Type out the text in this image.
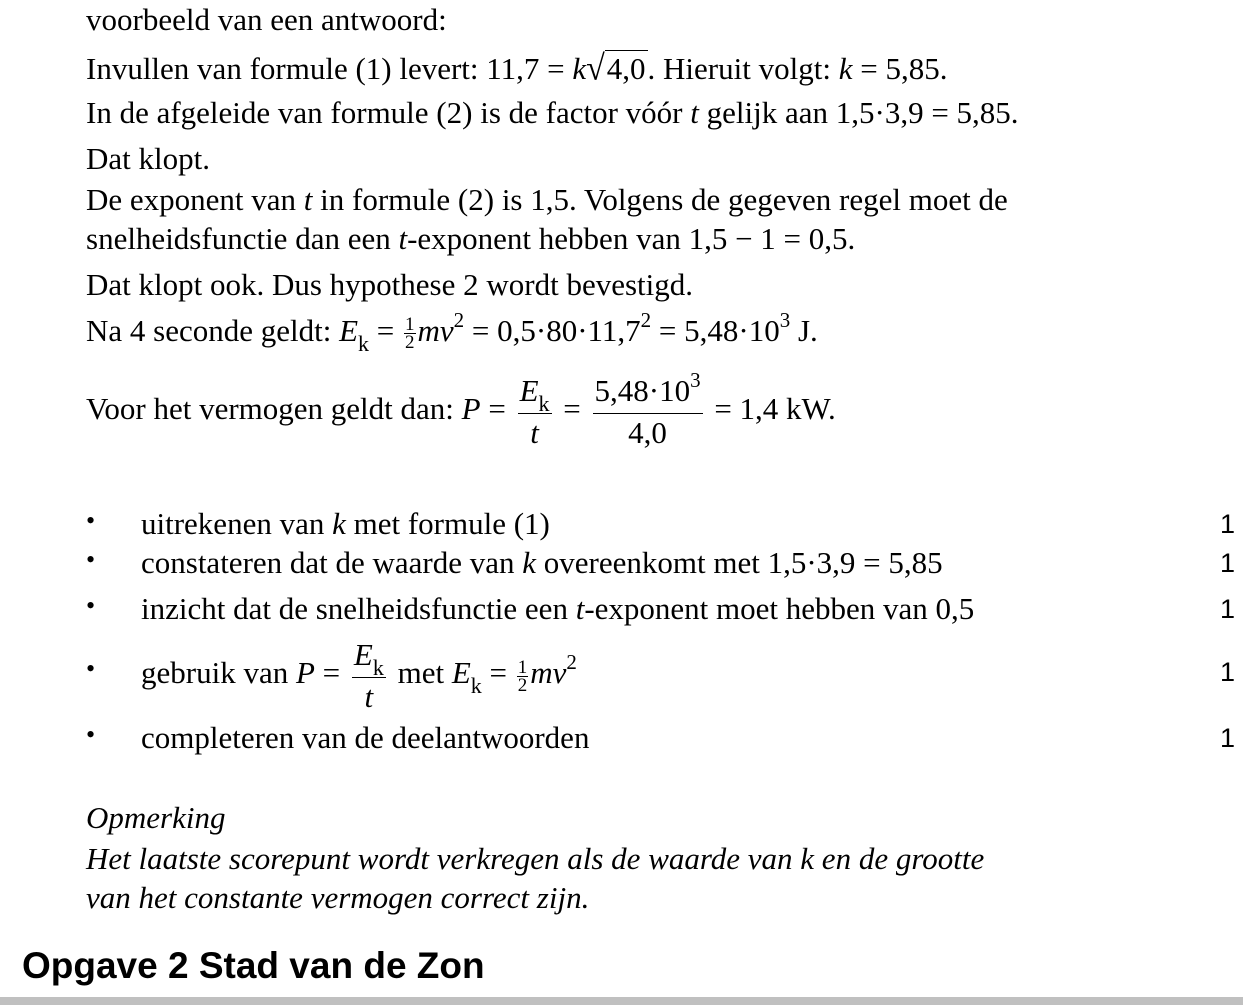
voorbeeld van een antwoord:
Invullen van formule (1) levert: 11,7 = k√4,0. Hieruit volgt: k = 5,85.
In de afgeleide van formule (2) is de factor vóór t gelijk aan 1,5·3,9 = 5,85.
Dat klopt.
De exponent van t in formule (2) is 1,5. Volgens de gegeven regel moet de
snelheidsfunctie dan een t-exponent hebben van 1,5 − 1 = 0,5.
Dat klopt ook. Dus hypothese 2 wordt bevestigd.
Na 4 seconde geldt: $E_k = \frac{1}{2} mv^2 = 0,5\cdot 80\cdot 11,7^2 = 5,48\cdot 10^3$ J.
Voor het vermogen geldt dan: $P = \frac{E_k}{t} = \frac{5,48\cdot 10^3}{4,0} = 1,4$ kW.
• uitrekenen van k met formule (1)	1
• constateren dat de waarde van k overeenkomt met 1,5·3,9 = 5,85	1
• inzicht dat de snelheidsfunctie een t-exponent moet hebben van 0,5	1
• gebruik van $P = \frac{E_k}{t}$ met $E_k = \frac{1}{2} mv^2$	1
• completeren van de deelantwoorden	1
Opmerking
Het laatste scorepunt wordt verkregen als de waarde van k en de grootte
van het constante vermogen correct zijn.
Opgave 2 Stad van de Zon
